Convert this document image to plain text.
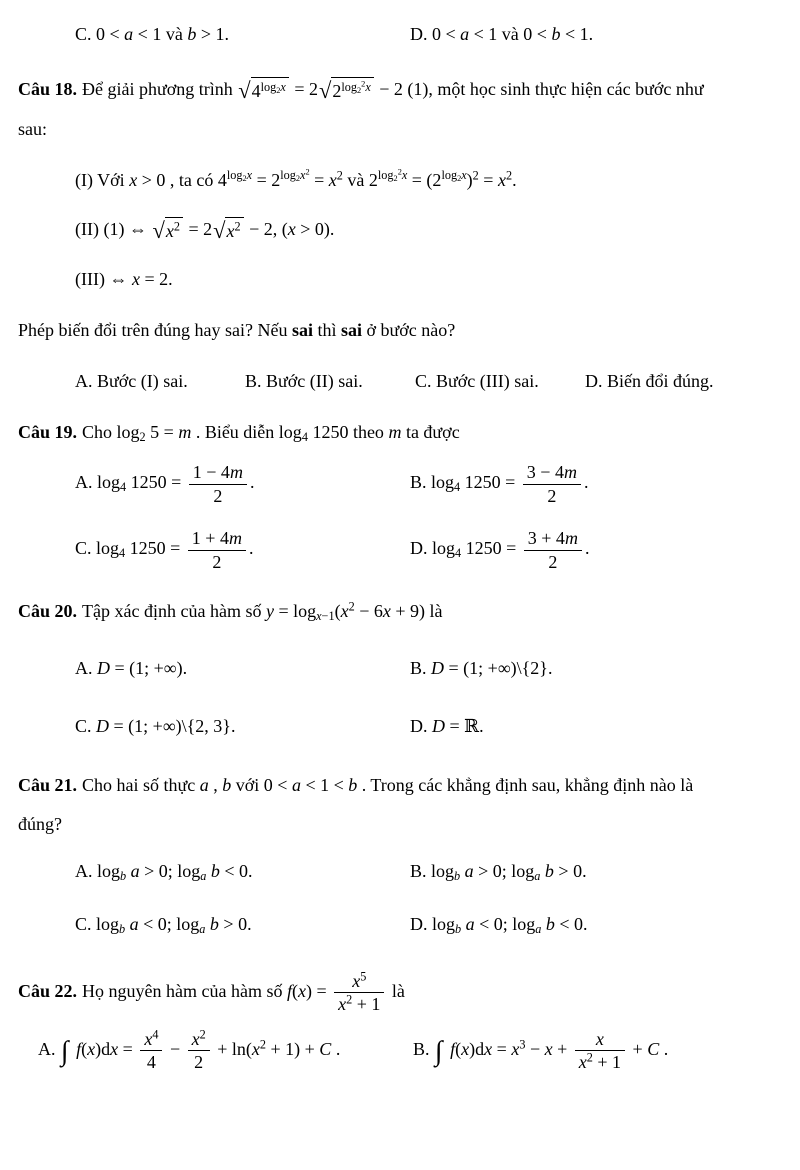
C. 0 < a < 1 và b > 1.	D. 0 < a < 1 và 0 < b < 1.

Câu 18. Để giải phương trình √ $4^{log_2x} = 2$ √ $2^{log_2^2x} - 2$ (1), một học sinh thực hiện các bước như

sau:

(I) Với x > 0 , ta có $4^{log_2x} = 2^{log_2x^2} = x^2$ và $2^{log_2^2x} = (2^{log_2x})^2 = x^2$.

(II) (1) ⇔ √ $x^2 = 2$ √ $x^2 - 2$, (x > 0).

(III) ⇔ x = 2.

Phép biến đổi trên đúng hay sai? Nếu sai thì sai ở bước nào?

A. Bước (I) sai.	B. Bước (II) sai.	C. Bước (III) sai.	D. Biến đổi đúng.

Câu 19. Cho $\log_2 5 = m$ . Biểu diễn $\log_4 1250$ theo m ta được

A. $\log_4 1250 = \frac{1 - 4m}{2}$ .	B. $\log_4 1250 = \frac{3 - 4m}{2}$ .
C. $\log_4 1250 = \frac{1 + 4m}{2}$ .	D. $\log_4 1250 = \frac{3 + 4m}{2}$ .

Câu 20. Tập xác định của hàm số $y = \log_{x-1}(x^2 - 6x + 9)$ là

A. D = (1; +∞).	B. D = (1; +∞)\{2}.
C. D = (1; +∞)\{2, 3}.	D. D = ℝ.

Câu 21. Cho hai số thực a , b với 0 < a < 1 < b . Trong các khẳng định sau, khẳng định nào là

đúng?

A. $\log_b a > 0$; $\log_a b < 0$.	B. $\log_b a > 0$; $\log_a b > 0$.
C. $\log_b a < 0$; $\log_a b > 0$.	D. $\log_b a < 0$; $\log_a b < 0$.

Câu 22. Họ nguyên hàm của hàm số $f(x) = \frac{x^5}{x^2 + 1}$ là

A. ∫ $f(x)dx = \frac{x^4}{4} - \frac{x^2}{2} + \ln(x^2 + 1) + C$ .	B. ∫ $f(x)dx = x^3 - x + \frac{x}{x^2 + 1} + C$ .
